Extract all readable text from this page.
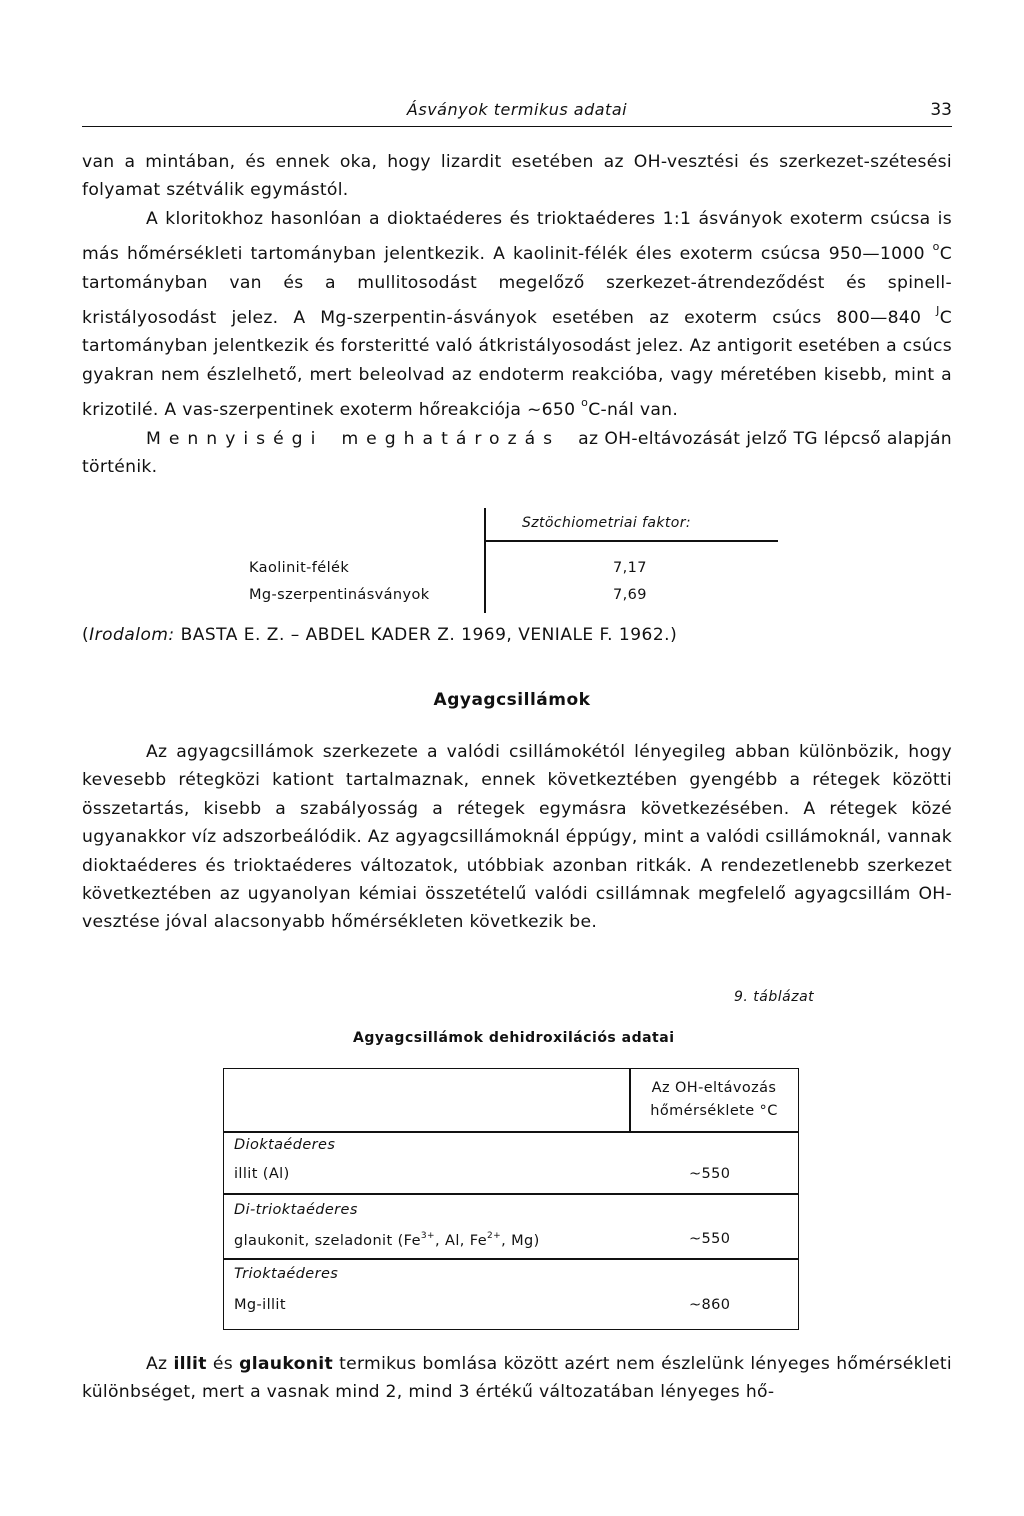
Ásványok termikus adatai	33

van a mintában, és ennek oka, hogy lizardit esetében az OH-vesztési és szerkezet-szétesési folyamat szétválik egymástól.

A kloritokhoz hasonlóan a dioktaéderes és trioktaéderes 1:1 ásványok exoterm csúcsa is más hőmérsékleti tartományban jelentkezik. A kaolinit-félék éles exoterm csúcsa 950—1000 $^o$C tartományban van és a mullitosodást megelőző szerkezet-átrendeződést és spinell-kristályosodást jelez. A Mg-szerpentin-ásványok esetében az exoterm csúcs 800—840 $^J$C tartományban jelentkezik és forsteritté való átkristályosodást jelez. Az antigorit esetében a csúcs gyakran nem észlelhető, mert beleolvad az endoterm reakcióba, vagy méretében kisebb, mint a krizotilé. A vas-szerpentinek exoterm hőreakciója ~650 $^o$C-nál van.

Mennyiségi meghatározás az OH-eltávozását jelző TG lépcső alapján történik.

Sztöchiometriai faktor:
Kaolinit-félék	7,17
Mg-szerpentinásványok	7,69
(Irodalom: BASTA E. Z. – ABDEL KADER Z. 1969, VENIALE F. 1962.)
Agyagcsillámok

Az agyagcsillámok szerkezete a valódi csillámokétól lényegileg abban különbözik, hogy kevesebb rétegközi kationt tartalmaznak, ennek következtében gyengébb a rétegek közötti összetartás, kisebb a szabályosság a rétegek egymásra következésében. A rétegek közé ugyanakkor víz adszorbeálódik. Az agyagcsillámoknál éppúgy, mint a valódi csillámoknál, vannak dioktaéderes és trioktaéderes változatok, utóbbiak azonban ritkák. A rendezetlenebb szerkezet következtében az ugyanolyan kémiai összetételű valódi csillámnak megfelelő agyagcsillám OH-vesztése jóval alacsonyabb hőmérsékleten következik be.

9. táblázat
Agyagcsillámok dehidroxilációs adatai
Az OH-eltávozás
hőmérséklete °C
Dioktaéderes
illit (Al)	~550
Di-trioktaéderes
glaukonit, szeladonit ($Fe^{3+}$, Al, $Fe^{2+}$, Mg)	~550
Trioktaéderes
Mg-illit	~860

Az illit és glaukonit termikus bomlása között azért nem észlelünk lényeges hőmérsékleti különbséget, mert a vasnak mind 2, mind 3 értékű változatában lényeges hő-
